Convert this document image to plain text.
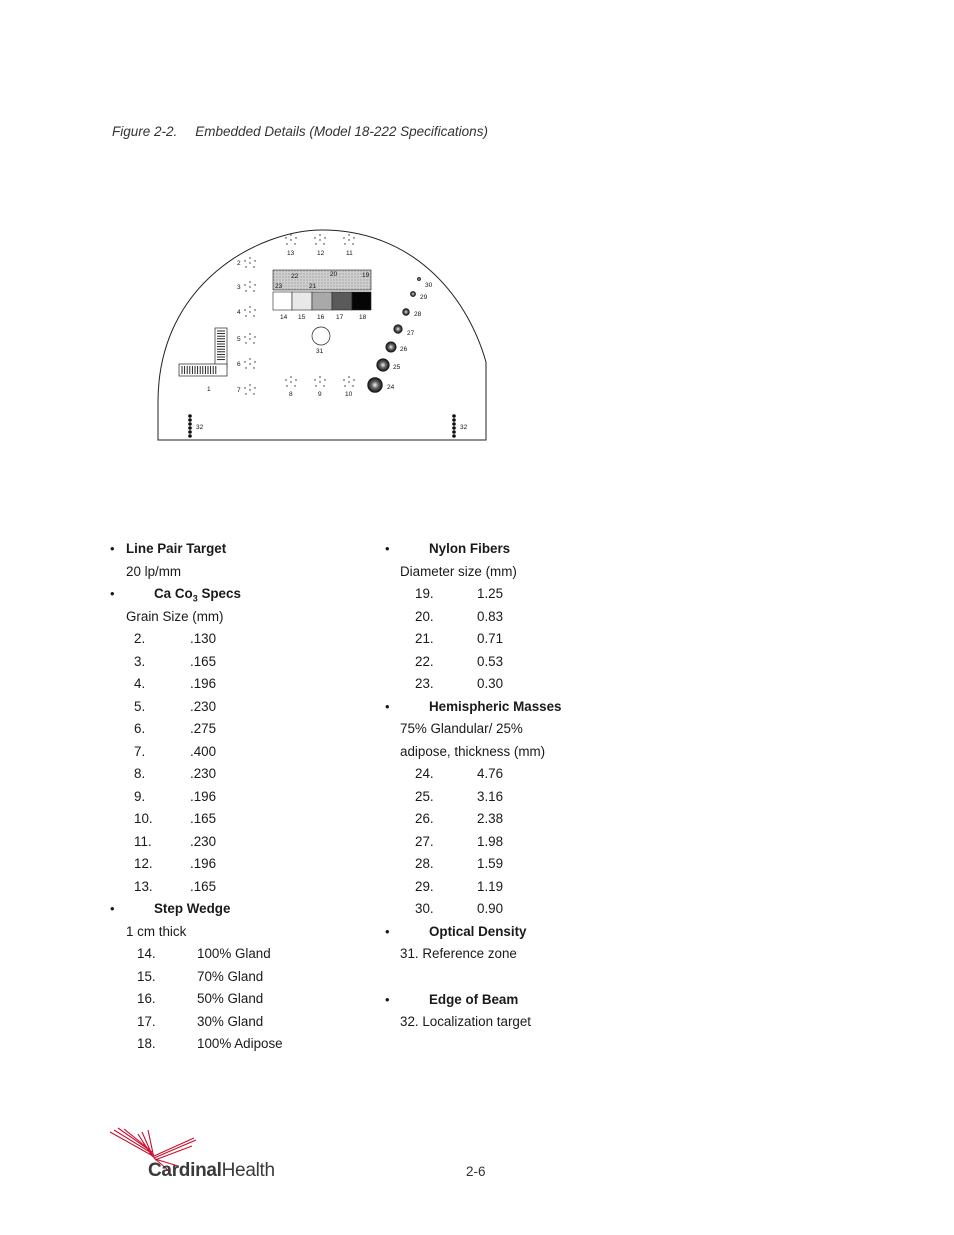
Figure 2-2. Embedded Details (Model 18-222 Specifications)
13	12	11
2
3
4
5
6
7
8	9	10
22	20	19
23	21
14 15 16 17 18
30
29
28
27
26
25
24
1
31
32	32
• Line Pair Target
20 lp/mm
•	Ca $Co_3$ Specs
Grain Size (mm)
2.	.130
3.	.165
4.	.196
5.	.230
6.	.275
7.	.400
8.	.230
9.	.196
10.	.165
11.	.230
12.	.196
13.	.165
•	Step Wedge
1 cm thick
14.	100% Gland
15.	70% Gland
16.	50% Gland
17.	30% Gland
18.	100% Adipose
•	Nylon Fibers
Diameter size (mm)
19.	1.25
20.	0.83
21.	0.71
22.	0.53
23.	0.30
•	Hemispheric Masses
75% Glandular/ 25%
adipose, thickness (mm)
24.	4.76
25.	3.16
26.	2.38
27.	1.98
28.	1.59
29.	1.19
30.	0.90
•	Optical Density
31. Reference zone
•	Edge of Beam
32. Localization target
CardinalHealth	2-6
